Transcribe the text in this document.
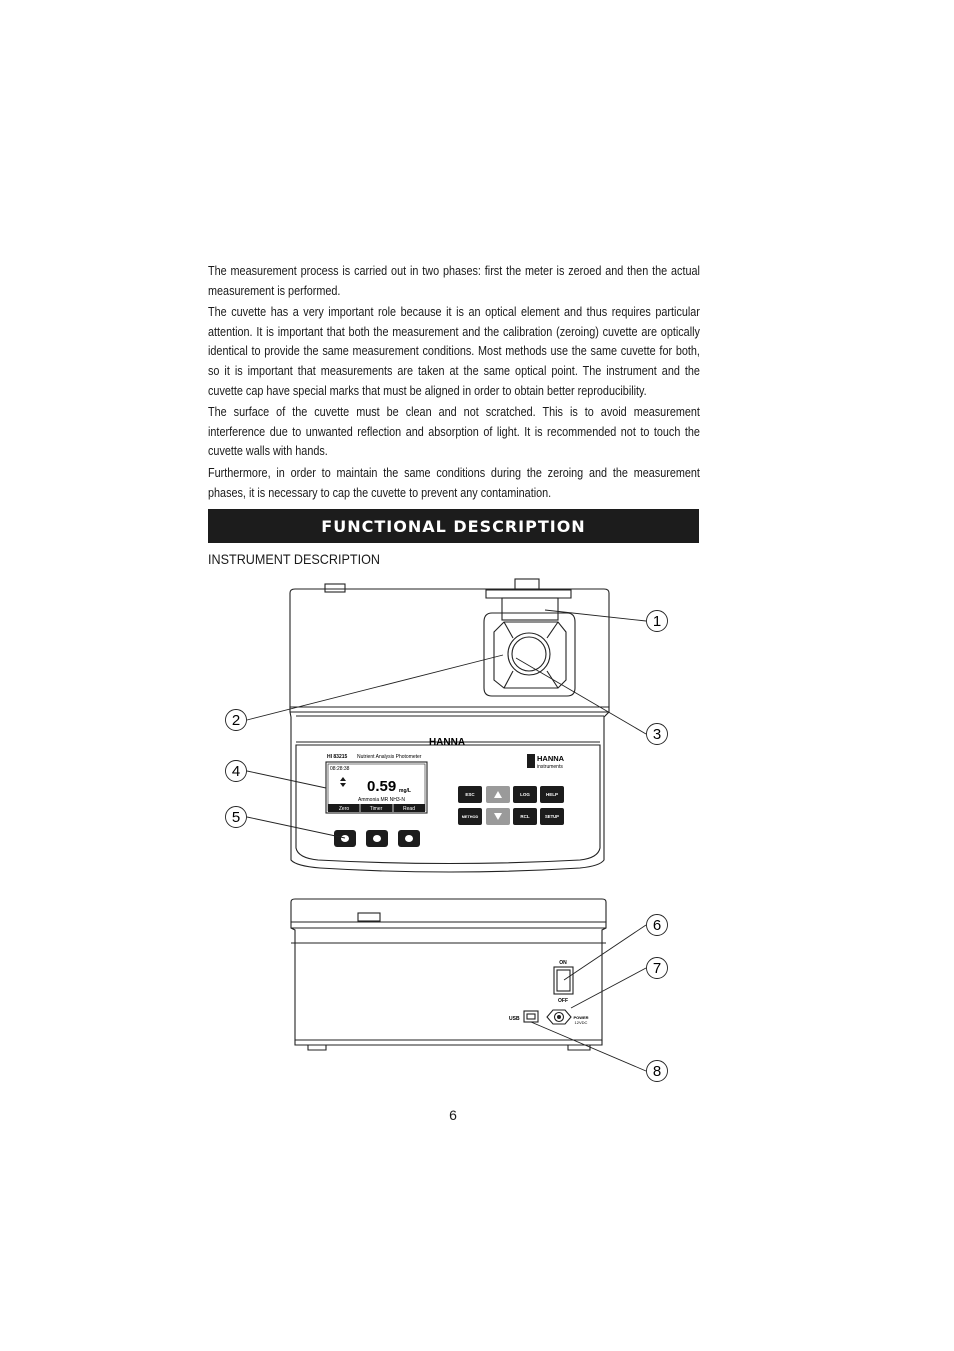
The measurement process is carried out in two phases: first the meter is zeroed and then the actual measurement is performed.

The cuvette has a very important role because it is an optical element and thus requires particular attention. It is important that both the measurement and the calibration (zeroing) cuvette are optically identical to provide the same measurement conditions. Most methods use the same cuvette for both, so it is important that measurements are taken at the same optical point. The instrument and the cuvette cap have special marks that must be aligned in order to obtain better reproducibility.

The surface of the cuvette must be clean and not scratched. This is to avoid measurement interference due to unwanted reflection and absorption of light. It is recommended not to touch the cuvette walls with hands.

Furthermore, in order to maintain the same conditions during the zeroing and the measurement phases, it is necessary to cap the cuvette to prevent any contamination.

FUNCTIONAL DESCRIPTION
INSTRUMENT DESCRIPTION
HANNA
HI 83215 Nutrient Analysis Photometer	HANNA
instruments
08:28:38
0.59 mg/L
Ammonia MR NH3-N
Zero	Timer	Read
ESC	LOG	HELP
METHOD	RCL	SETUP
ON
OFF
USB	POWER
12VDC
1
2
3
4
5
6
7
8
6
